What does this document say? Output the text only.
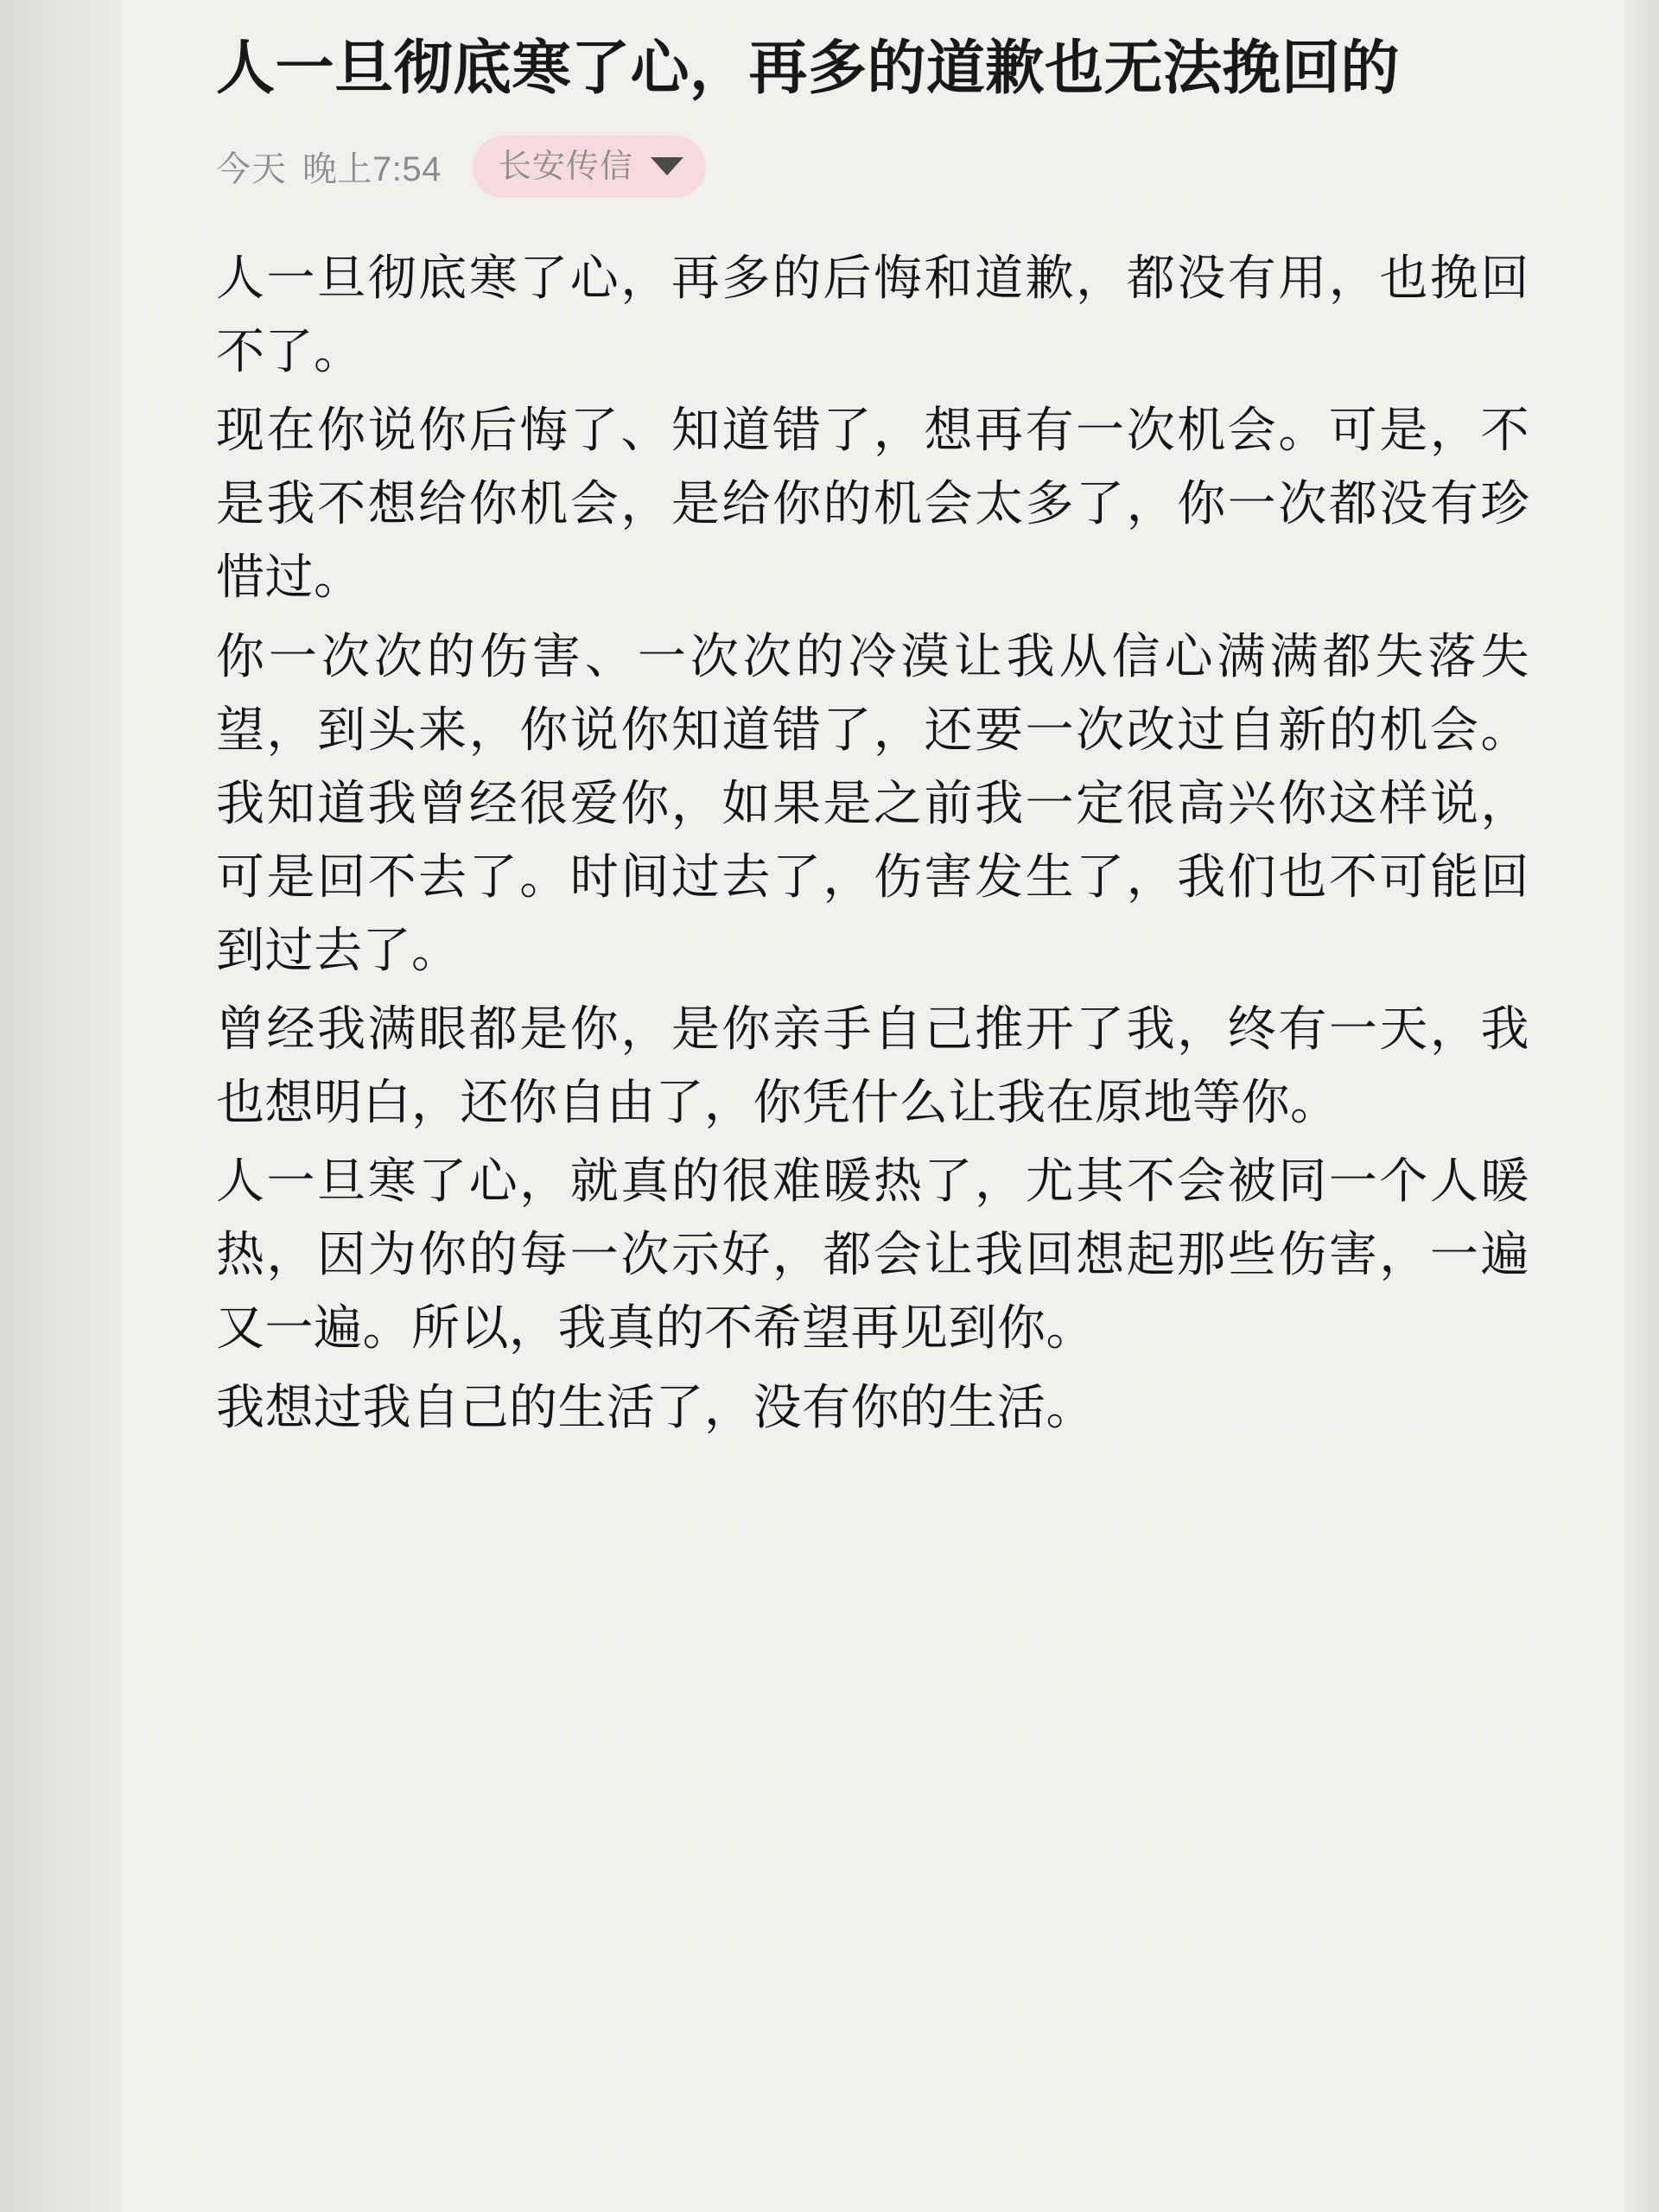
人一旦彻底寒了心，再多的道歉也无法挽回的
今天 晚上7:54 长安传信

人一旦彻底寒了心，再多的后悔和道歉，都没有用，也挽回不了。

现在你说你后悔了、知道错了，想再有一次机会。可是，不是我不想给你机会，是给你的机会太多了，你一次都没有珍惜过。

你一次次的伤害、一次次的冷漠让我从信心满满都失落失望，到头来，你说你知道错了，还要一次改过自新的机会。我知道我曾经很爱你，如果是之前我一定很高兴你这样说，可是回不去了。时间过去了，伤害发生了，我们也不可能回到过去了。

曾经我满眼都是你，是你亲手自己推开了我，终有一天，我也想明白，还你自由了，你凭什么让我在原地等你。

人一旦寒了心，就真的很难暖热了，尤其不会被同一个人暖热，因为你的每一次示好，都会让我回想起那些伤害，一遍又一遍。所以，我真的不希望再见到你。

我想过我自己的生活了，没有你的生活。
